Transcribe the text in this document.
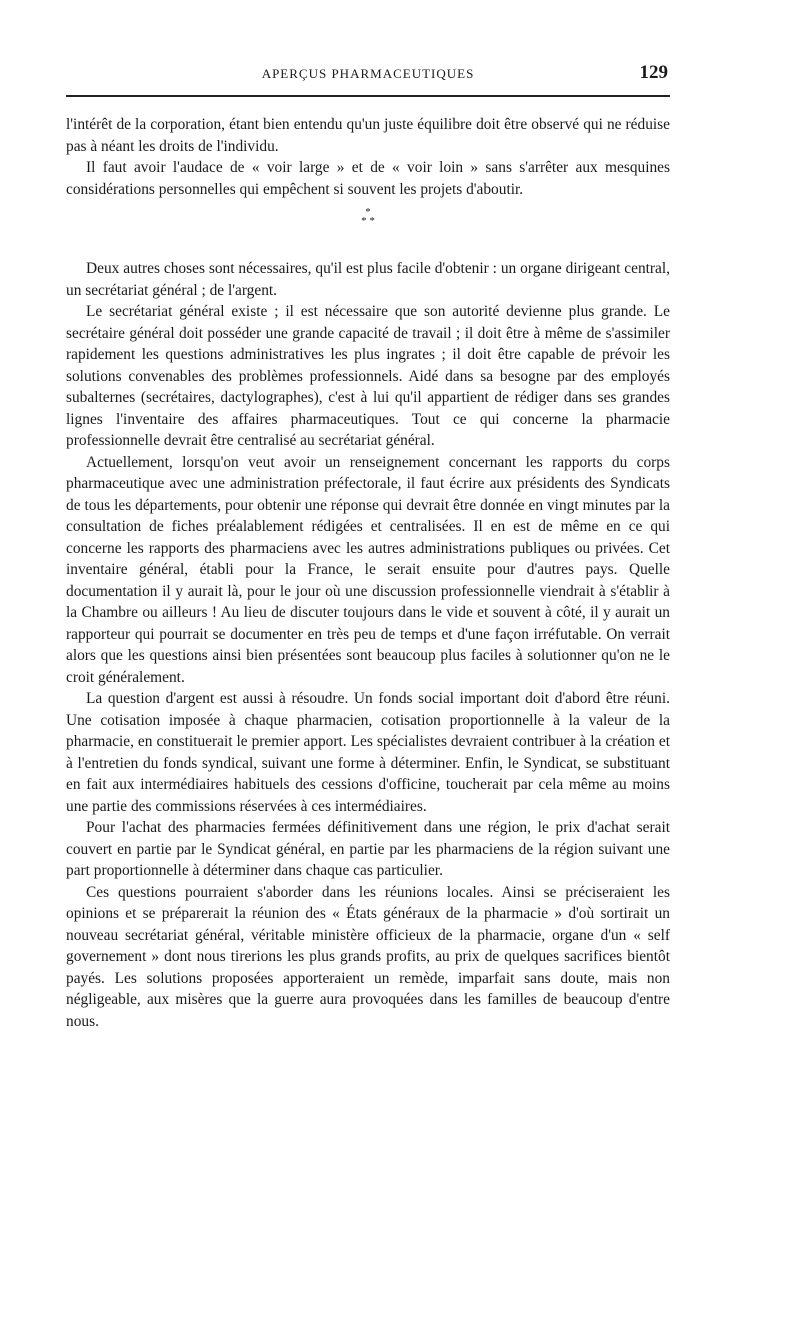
APERÇUS PHARMACEUTIQUES	129

l'intérêt de la corporation, étant bien entendu qu'un juste équilibre doit être observé qui ne réduise pas à néant les droits de l'individu.

Il faut avoir l'audace de « voir large » et de « voir loin » sans s'arrêter aux mesquines considérations personnelles qui empêchent si souvent les projets d'aboutir.

*
* *

Deux autres choses sont nécessaires, qu'il est plus facile d'obtenir : un organe dirigeant central, un secrétariat général ; de l'argent.

Le secrétariat général existe ; il est nécessaire que son autorité devienne plus grande. Le secrétaire général doit posséder une grande capacité de travail ; il doit être à même de s'assimiler rapidement les questions administratives les plus ingrates ; il doit être capable de prévoir les solutions convenables des problèmes professionnels. Aidé dans sa besogne par des employés subalternes (secrétaires, dactylographes), c'est à lui qu'il appartient de rédiger dans ses grandes lignes l'inventaire des affaires pharmaceutiques. Tout ce qui concerne la pharmacie professionnelle devrait être centralisé au secrétariat général.

Actuellement, lorsqu'on veut avoir un renseignement concernant les rapports du corps pharmaceutique avec une administration préfectorale, il faut écrire aux présidents des Syndicats de tous les départements, pour obtenir une réponse qui devrait être donnée en vingt minutes par la consultation de fiches préalablement rédigées et centralisées. Il en est de même en ce qui concerne les rapports des pharmaciens avec les autres administrations publiques ou privées. Cet inventaire général, établi pour la France, le serait ensuite pour d'autres pays. Quelle documentation il y aurait là, pour le jour où une discussion professionnelle viendrait à s'établir à la Chambre ou ailleurs ! Au lieu de discuter toujours dans le vide et souvent à côté, il y aurait un rapporteur qui pourrait se documenter en très peu de temps et d'une façon irréfutable. On verrait alors que les questions ainsi bien présentées sont beaucoup plus faciles à solutionner qu'on ne le croit généralement.

La question d'argent est aussi à résoudre. Un fonds social important doit d'abord être réuni. Une cotisation imposée à chaque pharmacien, cotisation proportionnelle à la valeur de la pharmacie, en constituerait le premier apport. Les spécialistes devraient contribuer à la création et à l'entretien du fonds syndical, suivant une forme à déterminer. Enfin, le Syndicat, se substituant en fait aux intermédiaires habituels des cessions d'officine, toucherait par cela même au moins une partie des commissions réservées à ces intermédiaires.

Pour l'achat des pharmacies fermées définitivement dans une région, le prix d'achat serait couvert en partie par le Syndicat général, en partie par les pharmaciens de la région suivant une part proportionnelle à déterminer dans chaque cas particulier.

Ces questions pourraient s'aborder dans les réunions locales. Ainsi se préciseraient les opinions et se préparerait la réunion des « États généraux de la pharmacie » d'où sortirait un nouveau secrétariat général, véritable ministère officieux de la pharmacie, organe d'un « self governement » dont nous tirerions les plus grands profits, au prix de quelques sacrifices bientôt payés. Les solutions proposées apporteraient un remède, imparfait sans doute, mais non négligeable, aux misères que la guerre aura provoquées dans les familles de beaucoup d'entre nous.
